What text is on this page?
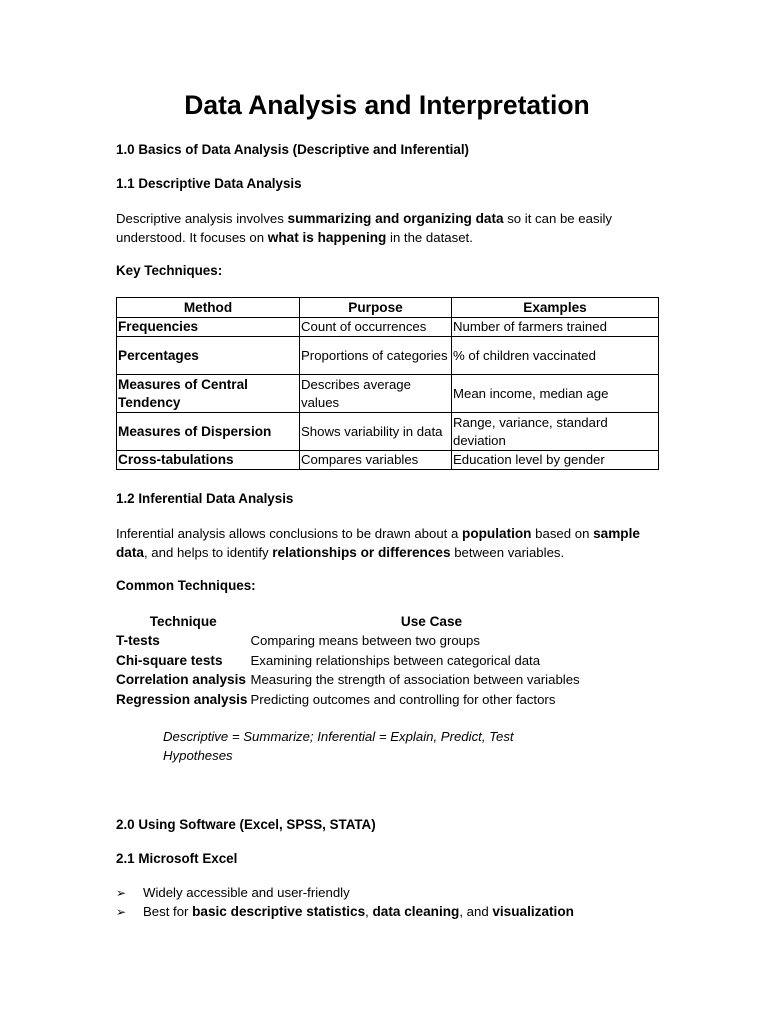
Data Analysis and Interpretation
1.0 Basics of Data Analysis (Descriptive and Inferential)
1.1 Descriptive Data Analysis
Descriptive analysis involves summarizing and organizing data so it can be easily understood. It focuses on what is happening in the dataset.
Key Techniques:
Method	Purpose	Examples
Frequencies	Count of occurrences	Number of farmers trained
Percentages	Proportions of categories	% of children vaccinated
Measures of Central Tendency	Describes average values	Mean income, median age
Measures of Dispersion	Shows variability in data	Range, variance, standard deviation
Cross-tabulations	Compares variables	Education level by gender
1.2 Inferential Data Analysis
Inferential analysis allows conclusions to be drawn about a population based on sample data, and helps to identify relationships or differences between variables.
Common Techniques:
Technique	Use Case
T-tests	Comparing means between two groups
Chi-square tests	Examining relationships between categorical data
Correlation analysis	Measuring the strength of association between variables
Regression analysis	Predicting outcomes and controlling for other factors
Descriptive = Summarize; Inferential = Explain, Predict, Test Hypotheses
2.0 Using Software (Excel, SPSS, STATA)
2.1 Microsoft Excel
➢ Widely accessible and user-friendly
➢ Best for basic descriptive statistics, data cleaning, and visualization
